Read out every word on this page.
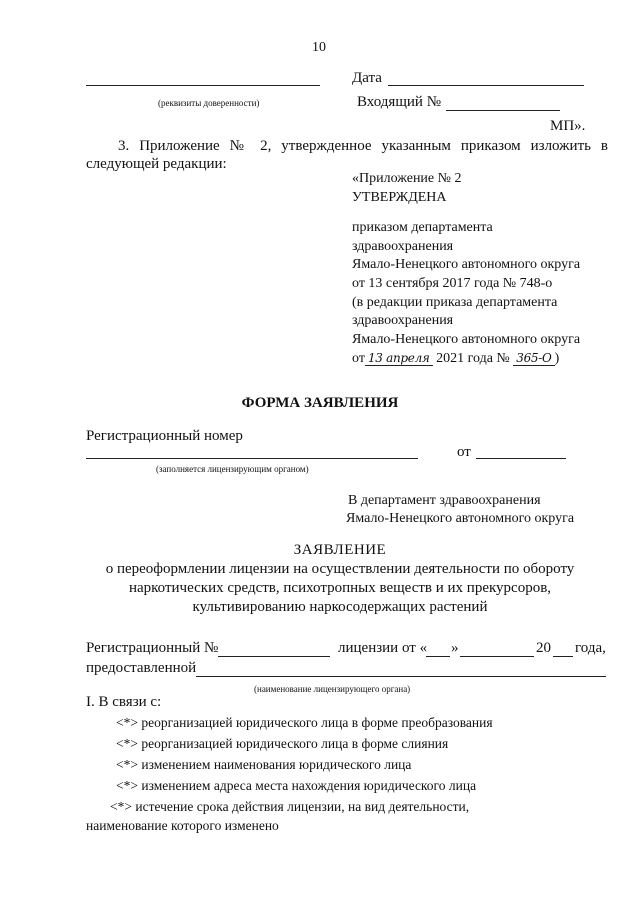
10
Дата
(реквизиты доверенности)	Входящий №
МП».
3. Приложение № 2, утвержденное указанным приказом изложить в
следующей редакции:
«Приложение № 2
УТВЕРЖДЕНА
приказом департамента
здравоохранения
Ямало-Ненецкого автономного округа
от 13 сентября 2017 года № 748-о
(в редакции приказа департамента
здравоохранения
Ямало-Ненецкого автономного округа
от 13 апреля 2021 года № 365-О )
ФОРМА ЗАЯВЛЕНИЯ
Регистрационный номер
(заполняется лицензирующим органом)
от
В департамент здравоохранения
Ямало-Ненецкого автономного округа
ЗАЯВЛЕНИЕ
о переоформлении лицензии на осуществлении деятельности по обороту
наркотических средств, психотропных веществ и их прекурсоров,
культивированию наркосодержащих растений
Регистрационный №	лицензии от « »	20 года,
предоставленной
(наименование лицензирующего органа)
I. В связи с:
<*> реорганизацией юридического лица в форме преобразования
<*> реорганизацией юридического лица в форме слияния
<*> изменением наименования юридического лица
<*> изменением адреса места нахождения юридического лица
<*> истечение срока действия лицензии, на вид деятельности,
наименование которого изменено
